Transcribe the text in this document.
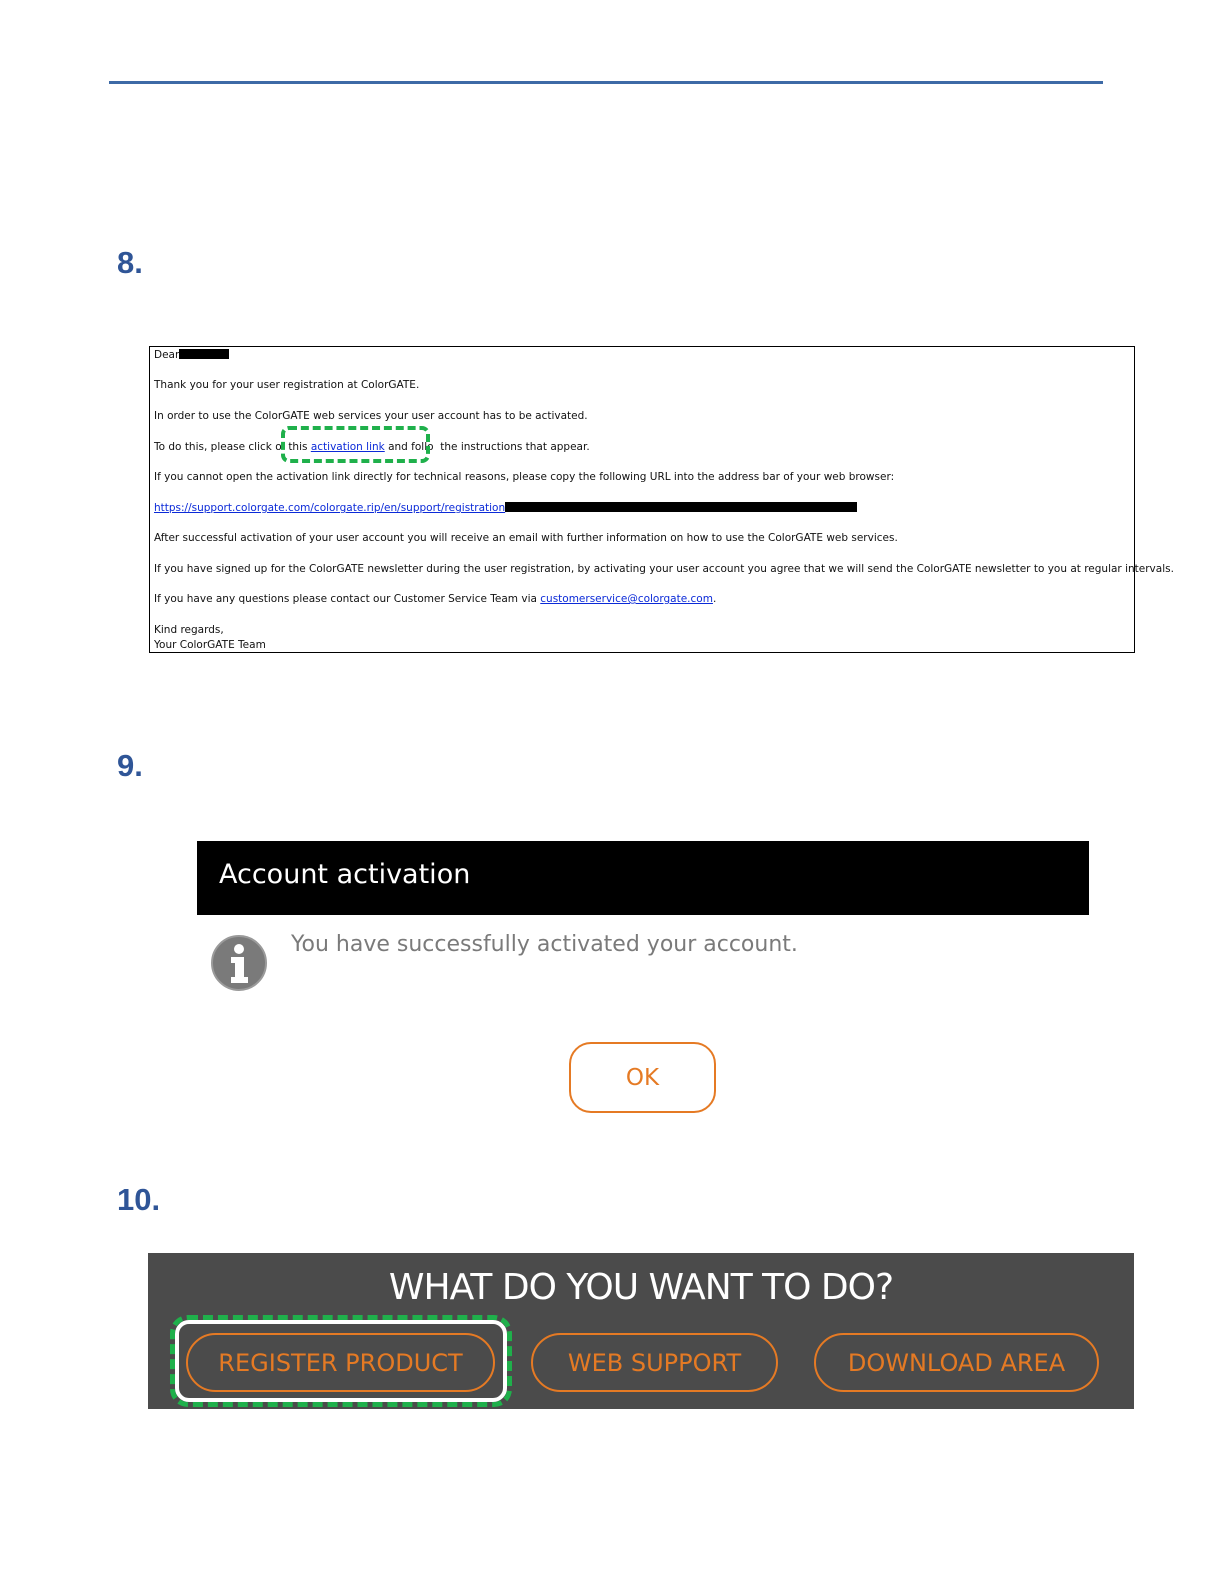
8.
Dear
Thank you for your user registration at ColorGATE.
In order to use the ColorGATE web services your user account has to be activated.
To do this, please click o this activation link and follo the instructions that appear.
If you cannot open the activation link directly for technical reasons, please copy the following URL into the address bar of your web browser:
https://support.colorgate.com/colorgate.rip/en/support/registration
After successful activation of your user account you will receive an email with further information on how to use the ColorGATE web services.
If you have signed up for the ColorGATE newsletter during the user registration, by activating your user account you agree that we will send the ColorGATE newsletter to you at regular intervals.
If you have any questions please contact our Customer Service Team via customerservice@colorgate.com.
Kind regards,
Your ColorGATE Team
9.
Account activation
You have successfully activated your account.
OK
10.
WHAT DO YOU WANT TO DO?
REGISTER PRODUCT	WEB SUPPORT	DOWNLOAD AREA
